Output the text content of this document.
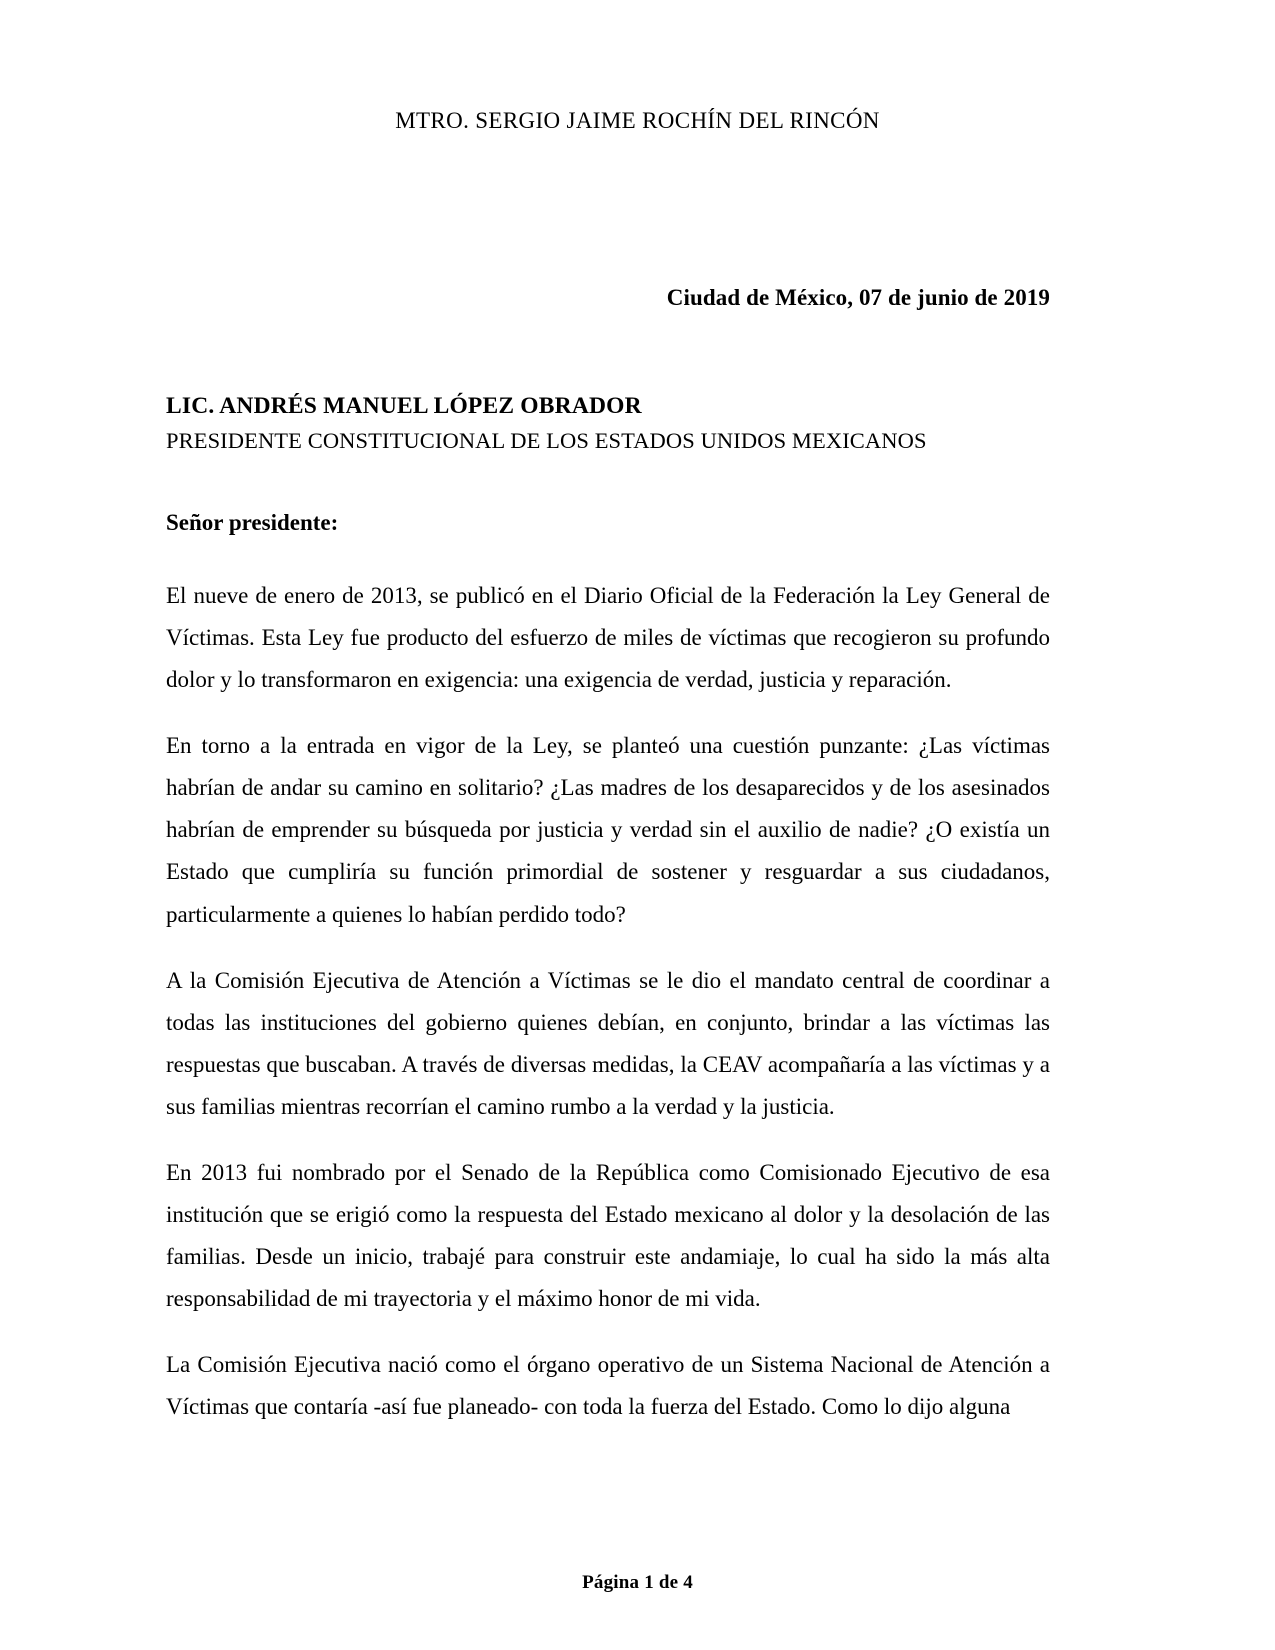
MTRO. SERGIO JAIME ROCHÍN DEL RINCÓN

Ciudad de México, 07 de junio de 2019

LIC. ANDRÉS MANUEL LÓPEZ OBRADOR

PRESIDENTE CONSTITUCIONAL DE LOS ESTADOS UNIDOS MEXICANOS

Señor presidente:

El nueve de enero de 2013, se publicó en el Diario Oficial de la Federación la Ley General de Víctimas. Esta Ley fue producto del esfuerzo de miles de víctimas que recogieron su profundo dolor y lo transformaron en exigencia: una exigencia de verdad, justicia y reparación.

En torno a la entrada en vigor de la Ley, se planteó una cuestión punzante: ¿Las víctimas habrían de andar su camino en solitario? ¿Las madres de los desaparecidos y de los asesinados habrían de emprender su búsqueda por justicia y verdad sin el auxilio de nadie? ¿O existía un Estado que cumpliría su función primordial de sostener y resguardar a sus ciudadanos, particularmente a quienes lo habían perdido todo?

A la Comisión Ejecutiva de Atención a Víctimas se le dio el mandato central de coordinar a todas las instituciones del gobierno quienes debían, en conjunto, brindar a las víctimas las respuestas que buscaban. A través de diversas medidas, la CEAV acompañaría a las víctimas y a sus familias mientras recorrían el camino rumbo a la verdad y la justicia.

En 2013 fui nombrado por el Senado de la República como Comisionado Ejecutivo de esa institución que se erigió como la respuesta del Estado mexicano al dolor y la desolación de las familias. Desde un inicio, trabajé para construir este andamiaje, lo cual ha sido la más alta responsabilidad de mi trayectoria y el máximo honor de mi vida.

La Comisión Ejecutiva nació como el órgano operativo de un Sistema Nacional de Atención a Víctimas que contaría -así fue planeado- con toda la fuerza del Estado. Como lo dijo alguna

Página 1 de 4
